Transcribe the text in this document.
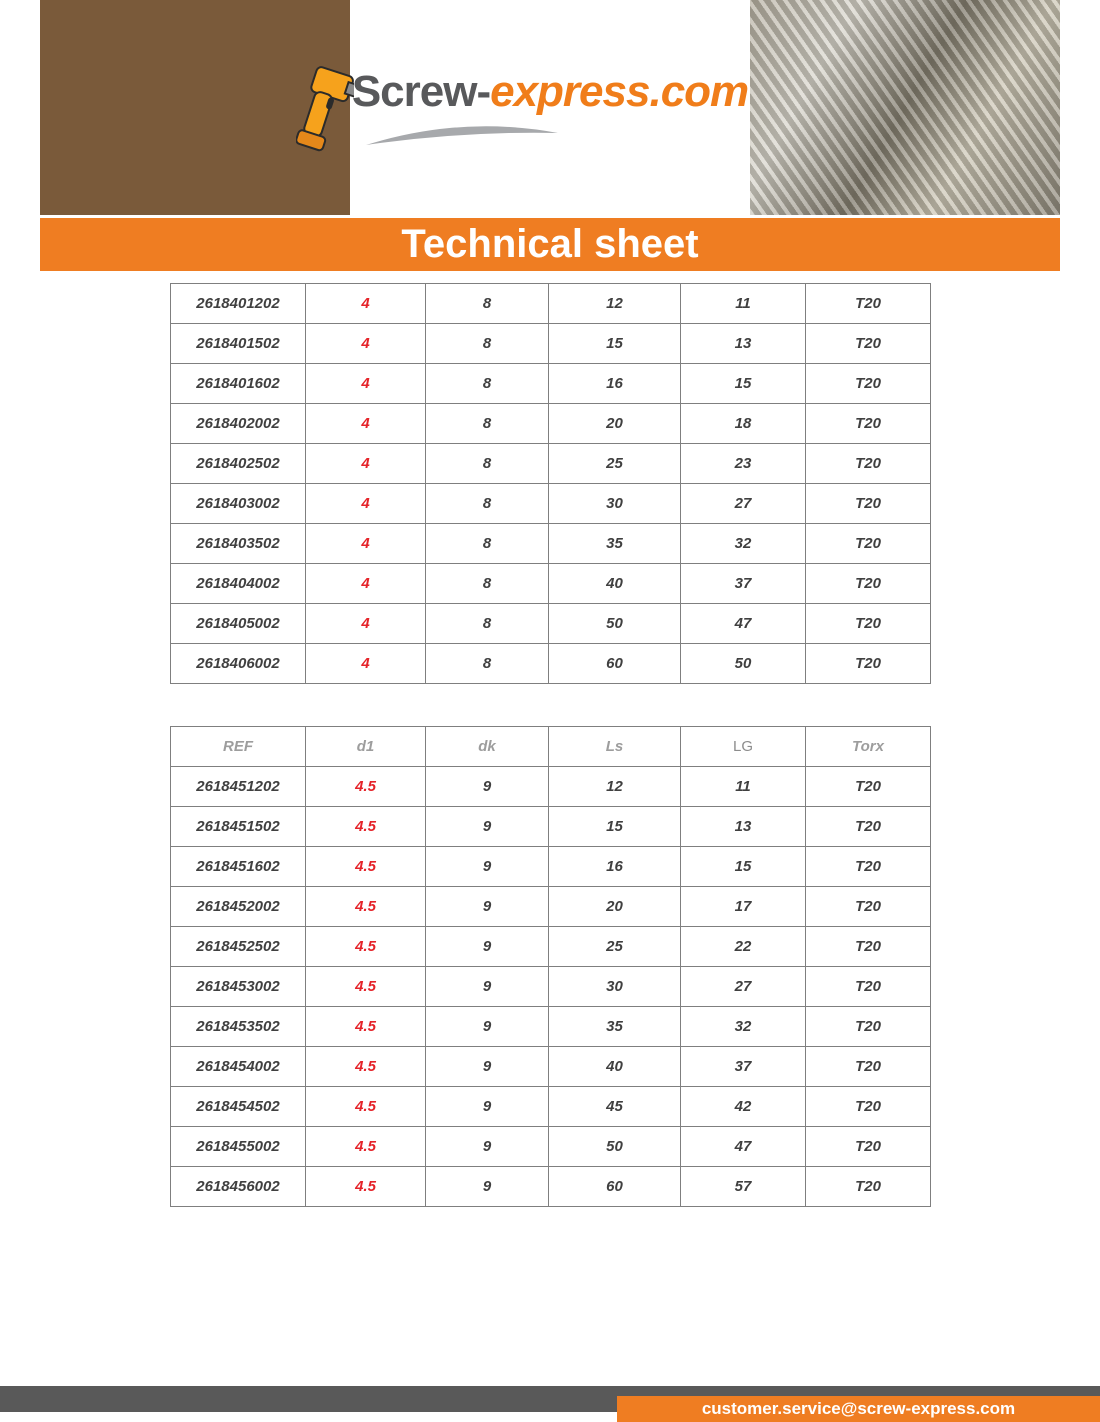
Screw-express.com
Technical sheet
2618401202	4	8	12	11	T20
2618401502	4	8	15	13	T20
2618401602	4	8	16	15	T20
2618402002	4	8	20	18	T20
2618402502	4	8	25	23	T20
2618403002	4	8	30	27	T20
2618403502	4	8	35	32	T20
2618404002	4	8	40	37	T20
2618405002	4	8	50	47	T20
2618406002	4	8	60	50	T20
REF	d1	dk	Ls	LG	Torx
2618451202	4.5	9	12	11	T20
2618451502	4.5	9	15	13	T20
2618451602	4.5	9	16	15	T20
2618452002	4.5	9	20	17	T20
2618452502	4.5	9	25	22	T20
2618453002	4.5	9	30	27	T20
2618453502	4.5	9	35	32	T20
2618454002	4.5	9	40	37	T20
2618454502	4.5	9	45	42	T20
2618455002	4.5	9	50	47	T20
2618456002	4.5	9	60	57	T20
customer.service@screw-express.com
